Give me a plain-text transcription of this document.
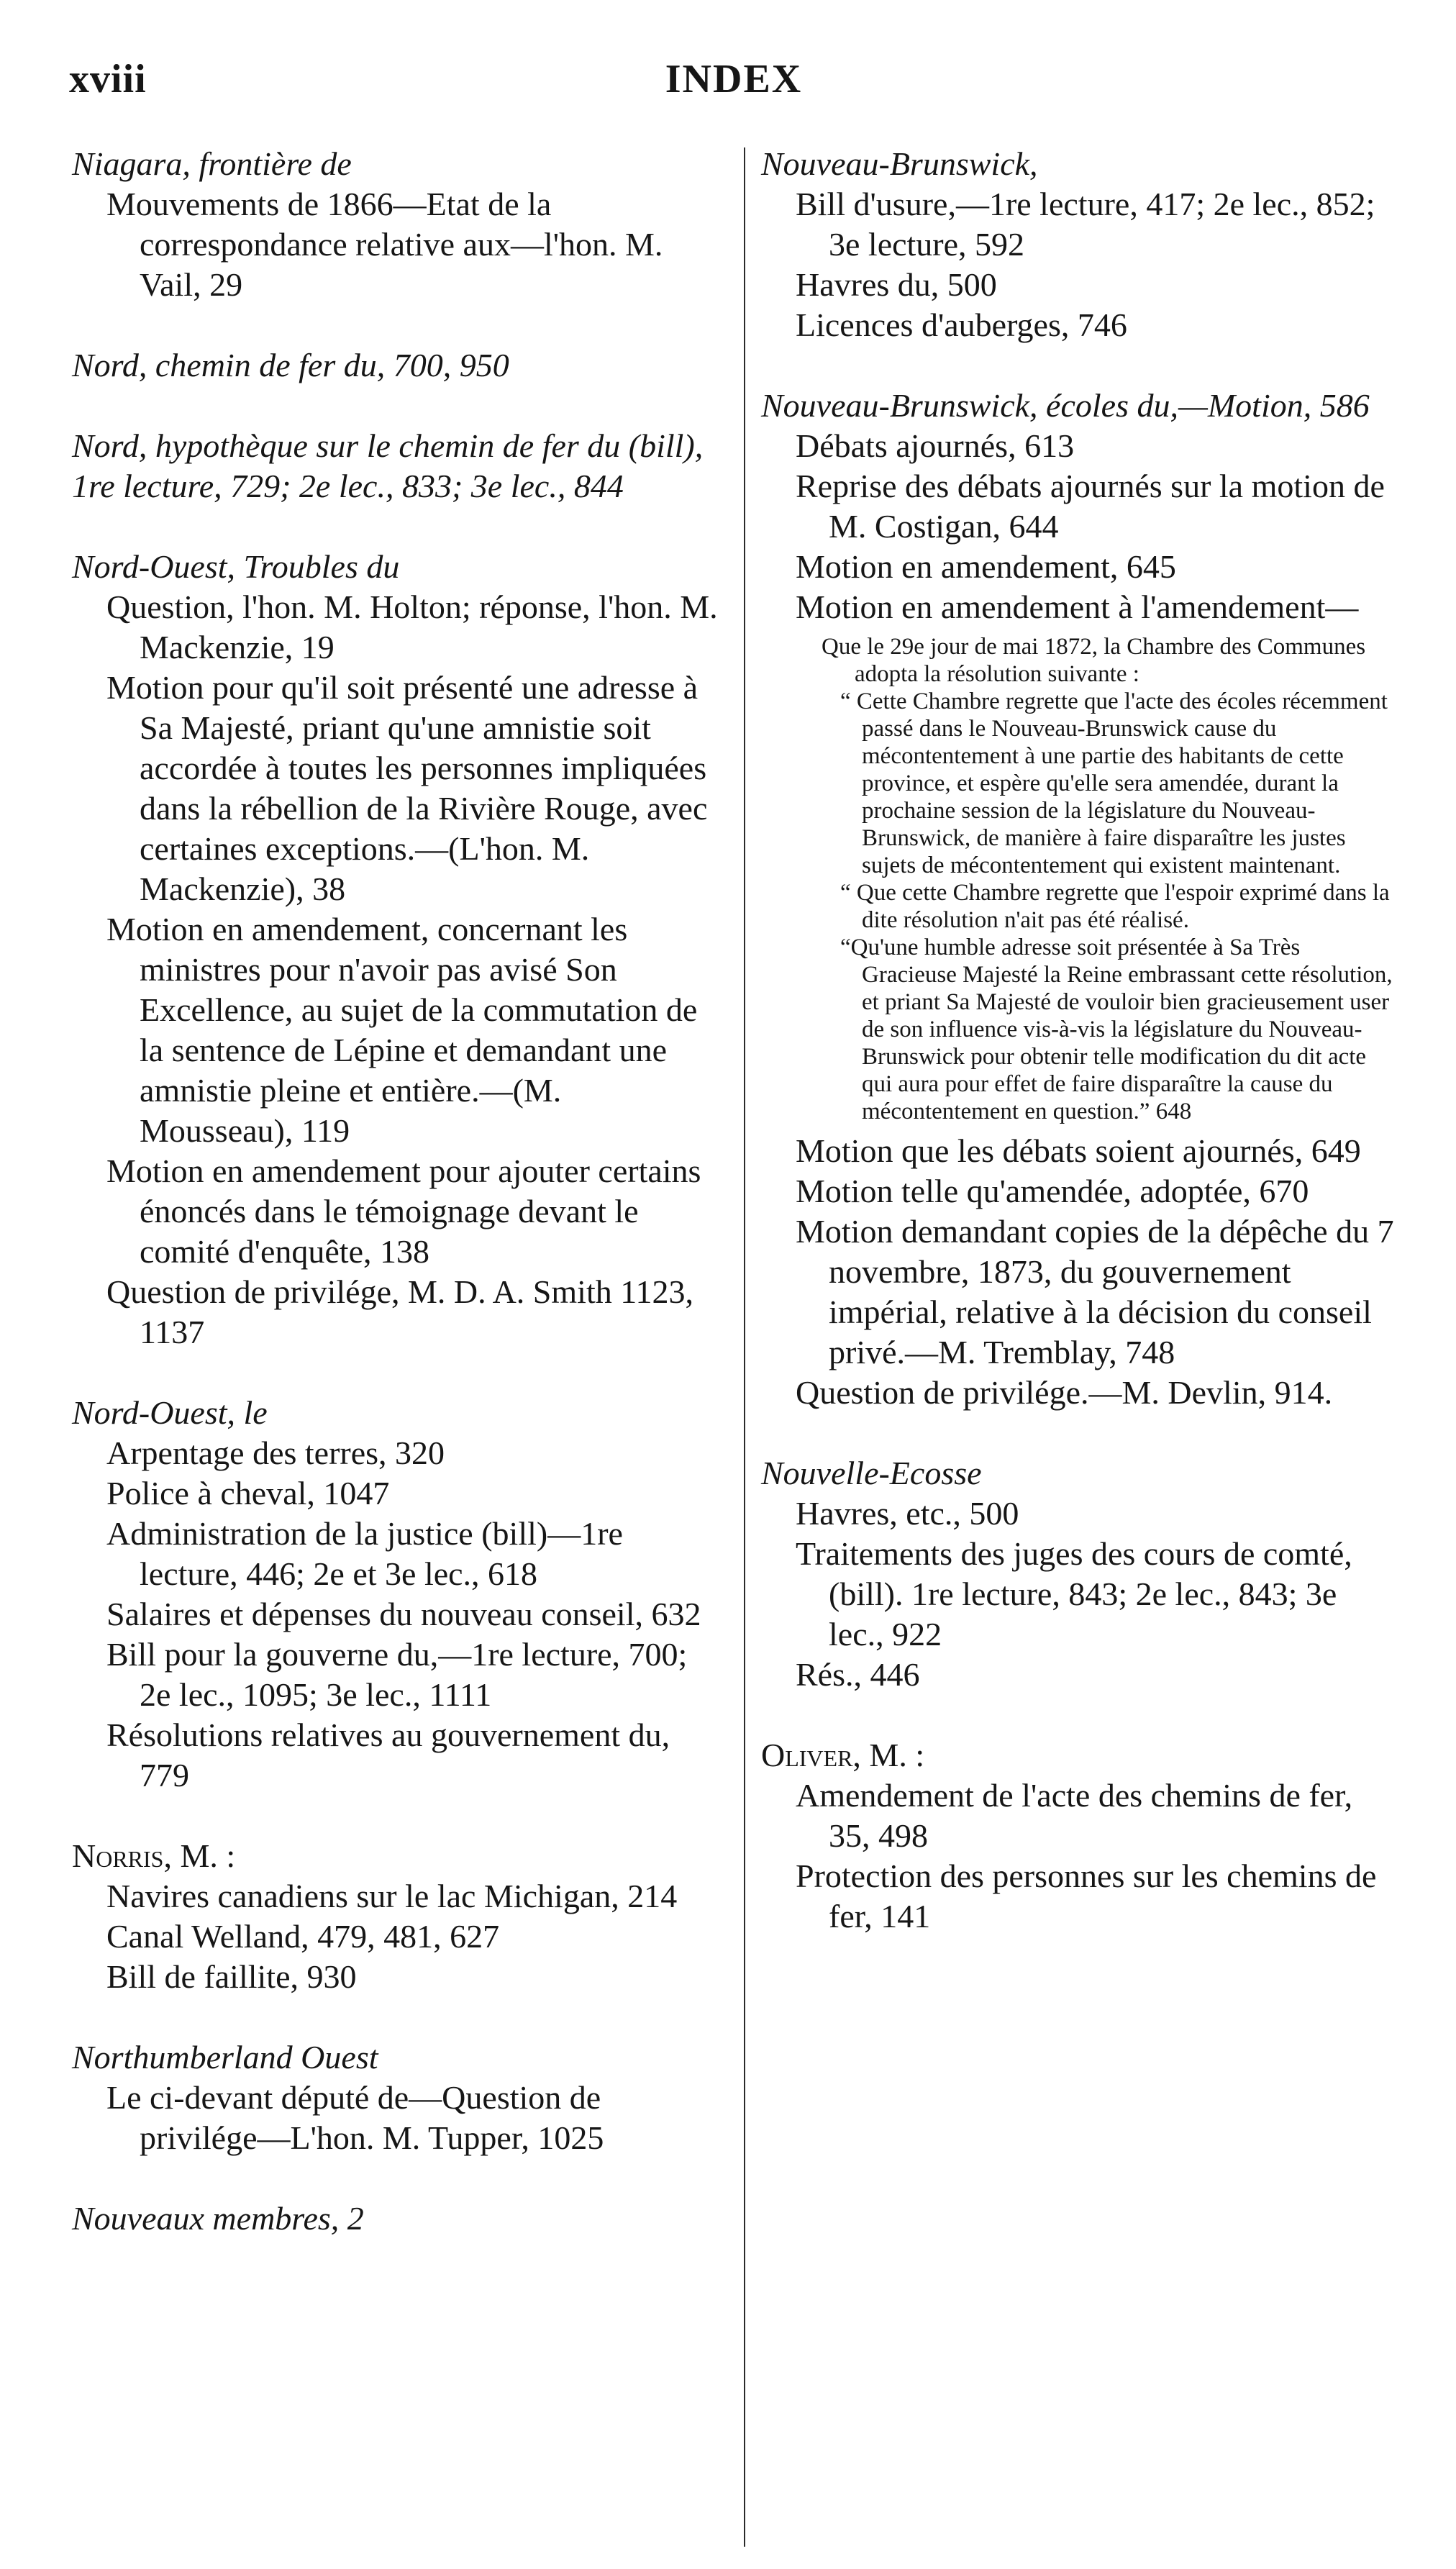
xviii	INDEX
Niagara, frontière de
Mouvements de 1866—Etat de la correspondance relative aux—l'hon. M. Vail, 29
Nord, chemin de fer du, 700, 950
Nord, hypothèque sur le chemin de fer du (bill), 1re lecture, 729; 2e lec., 833; 3e lec., 844
Nord-Ouest, Troubles du
Question, l'hon. M. Holton; réponse, l'hon. M. Mackenzie, 19
Motion pour qu'il soit présenté une adresse à Sa Majesté, priant qu'une amnistie soit accordée à toutes les personnes impliquées dans la rébellion de la Rivière Rouge, avec certaines exceptions.—(L'hon. M. Mackenzie), 38
Motion en amendement, concernant les ministres pour n'avoir pas avisé Son Excellence, au sujet de la commutation de la sentence de Lépine et demandant une amnistie pleine et entière.—(M. Mousseau), 119
Motion en amendement pour ajouter certains énoncés dans le témoignage devant le comité d'enquête, 138
Question de privilége, M. D. A. Smith 1123, 1137
Nord-Ouest, le
Arpentage des terres, 320
Police à cheval, 1047
Administration de la justice (bill)—1re lecture, 446; 2e et 3e lec., 618
Salaires et dépenses du nouveau conseil, 632
Bill pour la gouverne du,—1re lecture, 700; 2e lec., 1095; 3e lec., 1111
Résolutions relatives au gouvernement du, 779
Norris, M. :
Navires canadiens sur le lac Michigan, 214
Canal Welland, 479, 481, 627
Bill de faillite, 930
Northumberland Ouest
Le ci-devant député de—Question de privilége—L'hon. M. Tupper, 1025
Nouveaux membres, 2
Nouveau-Brunswick,
Bill d'usure,—1re lecture, 417; 2e lec., 852; 3e lecture, 592
Havres du, 500
Licences d'auberges, 746
Nouveau-Brunswick, écoles du,—Motion, 586
Débats ajournés, 613
Reprise des débats ajournés sur la motion de M. Costigan, 644
Motion en amendement, 645
Motion en amendement à l'amendement—
Que le 29e jour de mai 1872, la Chambre des Communes adopta la résolution suivante :
“ Cette Chambre regrette que l'acte des écoles récemment passé dans le Nouveau-Brunswick cause du mécontentement à une partie des habitants de cette province, et espère qu'elle sera amendée, durant la prochaine session de la législature du Nouveau-Brunswick, de manière à faire disparaître les justes sujets de mécontentement qui existent maintenant.
“ Que cette Chambre regrette que l'espoir exprimé dans la dite résolution n'ait pas été réalisé.
“Qu'une humble adresse soit présentée à Sa Très Gracieuse Majesté la Reine embrassant cette résolution, et priant Sa Majesté de vouloir bien gracieusement user de son influence vis-à-vis la législature du Nouveau-Brunswick pour obtenir telle modification du dit acte qui aura pour effet de faire disparaître la cause du mécontentement en question.” 648
Motion que les débats soient ajournés, 649
Motion telle qu'amendée, adoptée, 670
Motion demandant copies de la dépêche du 7 novembre, 1873, du gouvernement impérial, relative à la décision du conseil privé.—M. Tremblay, 748
Question de privilége.—M. Devlin, 914.
Nouvelle-Ecosse
Havres, etc., 500
Traitements des juges des cours de comté, (bill). 1re lecture, 843; 2e lec., 843; 3e lec., 922
Rés., 446
Oliver, M. :
Amendement de l'acte des chemins de fer, 35, 498
Protection des personnes sur les chemins de fer, 141
